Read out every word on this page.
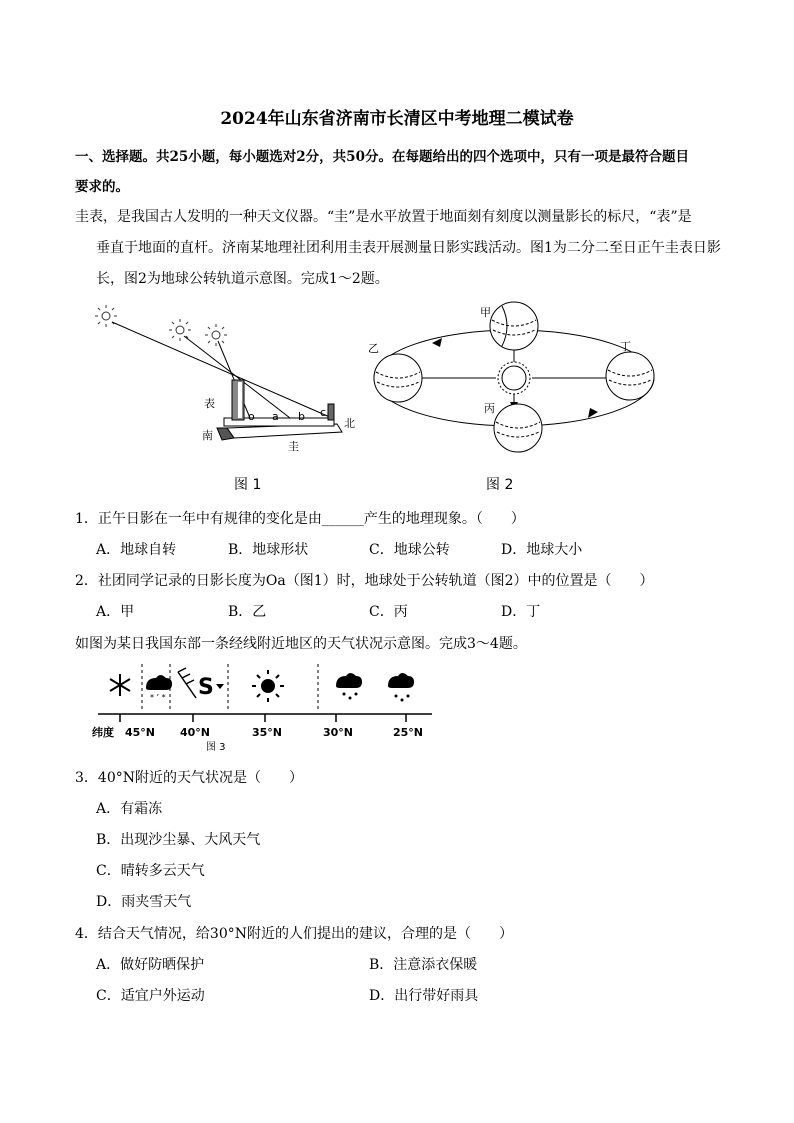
2024年山东省济南市长清区中考地理二模试卷
一、选择题。共25小题，每小题选对2分，共50分。在每题给出的四个选项中，只有一项是最符合题目
要求的。
圭表，是我国古人发明的一种天文仪器。“圭”是水平放置于地面刻有刻度以测量影长的标尺，“表”是
垂直于地面的直杆。济南某地理社团利用圭表开展测量日影实践活动。图1为二分二至日正午圭表日影
长，图2为地球公转轨道示意图。完成1～2题。
表
南
北
圭
o a b c
图 1
甲
乙
丙
丁
图 2
1．正午日影在一年中有规律的变化是由______产生的地理现象。（　　）
A．地球自转	B．地球形状	C．地球公转	D．地球大小
2．社团同学记录的日影长度为Oa（图1）时，地球处于公转轨道（图2）中的位置是（　　）
A．甲	B．乙	C．丙	D．丁
如图为某日我国东部一条经线附近地区的天气状况示意图。完成3～4题。
* ʼ * S
纬度 45°N 40°N	35°N	30°N	25°N
图 3
3．40°N附近的天气状况是（　　）
A．有霜冻
B．出现沙尘暴、大风天气
C．晴转多云天气
D．雨夹雪天气
4．结合天气情况，给30°N附近的人们提出的建议，合理的是（　　）
A．做好防晒保护	B．注意添衣保暖
C．适宜户外运动	D．出行带好雨具
